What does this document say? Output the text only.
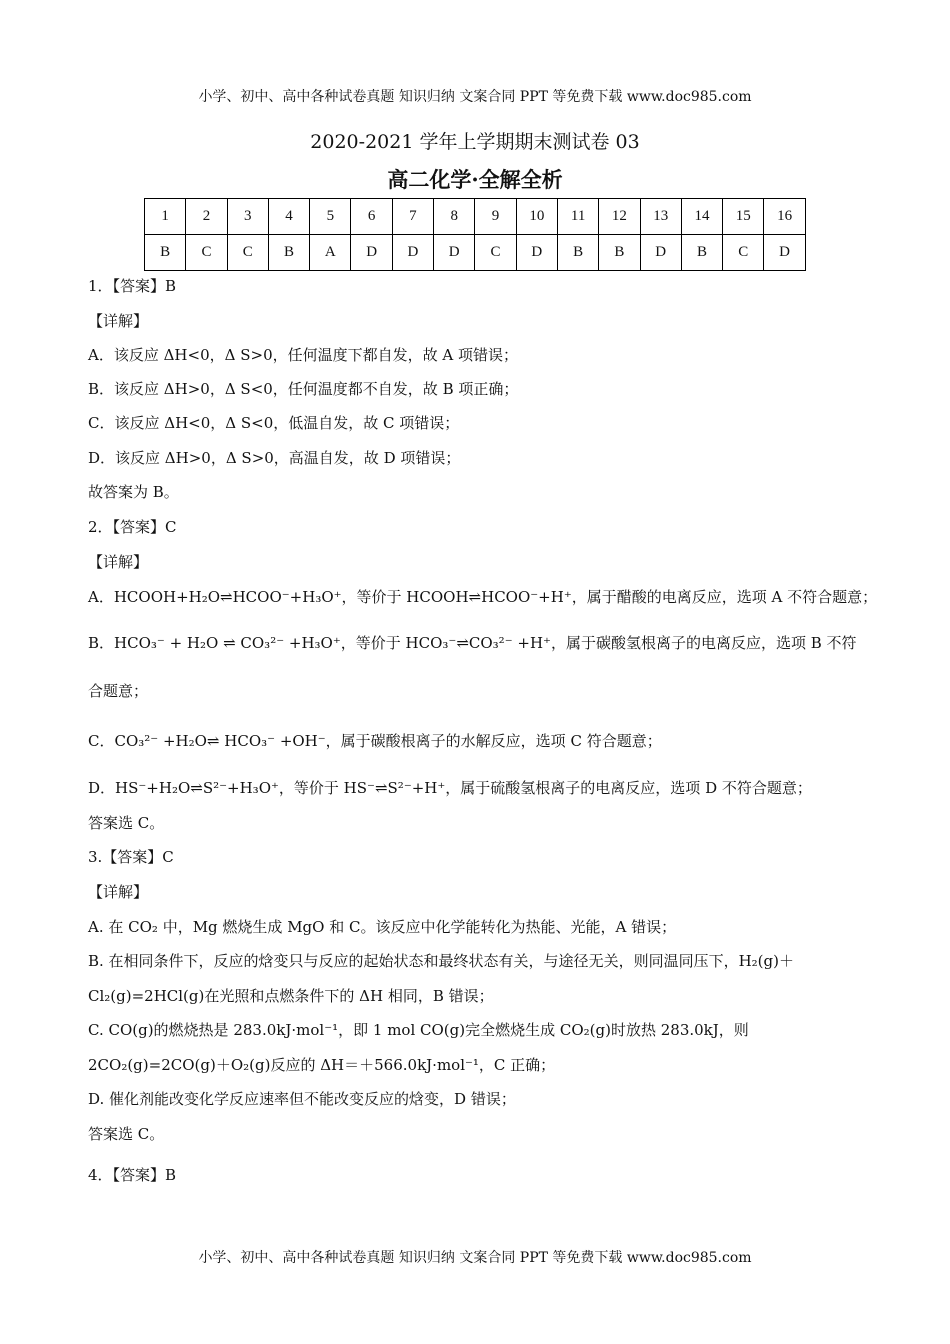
小学、初中、高中各种试卷真题 知识归纳 文案合同 PPT 等免费下载 www.doc985.com
2020-2021 学年上学期期末测试卷 03
高二化学·全解全析
1	2	3	4	5	6	7	8	9	10	11	12	13	14	15	16
B	C	C	B	A	D	D	D	C	D	B	B	D	B	C	D
1．【答案】B
【详解】
A．该反应 ΔH<0，Δ S>0，任何温度下都自发，故 A 项错误；
B．该反应 ΔH>0，Δ S<0，任何温度都不自发，故 B 项正确；
C．该反应 ΔH<0，Δ S<0，低温自发，故 C 项错误；
D．该反应 ΔH>0，Δ S>0，高温自发，故 D 项错误；
故答案为 B。
2．【答案】C
【详解】
A．HCOOH+H₂O⇌HCOO⁻+H₃O⁺，等价于 HCOOH⇌HCOO⁻+H⁺，属于醋酸的电离反应，选项 A 不符合题意；
B．HCO₃⁻ + H₂O ⇌ CO₃²⁻ +H₃O⁺，等价于 HCO₃⁻⇌CO₃²⁻ +H⁺，属于碳酸氢根离子的电离反应，选项 B 不符
合题意；
C．CO₃²⁻ +H₂O⇌ HCO₃⁻ +OH⁻，属于碳酸根离子的水解反应，选项 C 符合题意；
D．HS⁻+H₂O⇌S²⁻+H₃O⁺，等价于 HS⁻⇌S²⁻+H⁺，属于硫酸氢根离子的电离反应，选项 D 不符合题意；
答案选 C。
3.【答案】C
【详解】
A. 在 CO₂ 中，Mg 燃烧生成 MgO 和 C。该反应中化学能转化为热能、光能，A 错误；
B. 在相同条件下，反应的焓变只与反应的起始状态和最终状态有关，与途径无关，则同温同压下，H₂(g)＋
Cl₂(g)=2HCl(g)在光照和点燃条件下的 ΔH 相同，B 错误；
C. CO(g)的燃烧热是 283.0kJ·mol⁻¹，即 1 mol CO(g)完全燃烧生成 CO₂(g)时放热 283.0kJ，则
2CO₂(g)=2CO(g)＋O₂(g)反应的 ΔH＝＋566.0kJ·mol⁻¹，C 正确；
D. 催化剂能改变化学反应速率但不能改变反应的焓变，D 错误；
答案选 C。
4．【答案】B
小学、初中、高中各种试卷真题 知识归纳 文案合同 PPT 等免费下载 www.doc985.com
